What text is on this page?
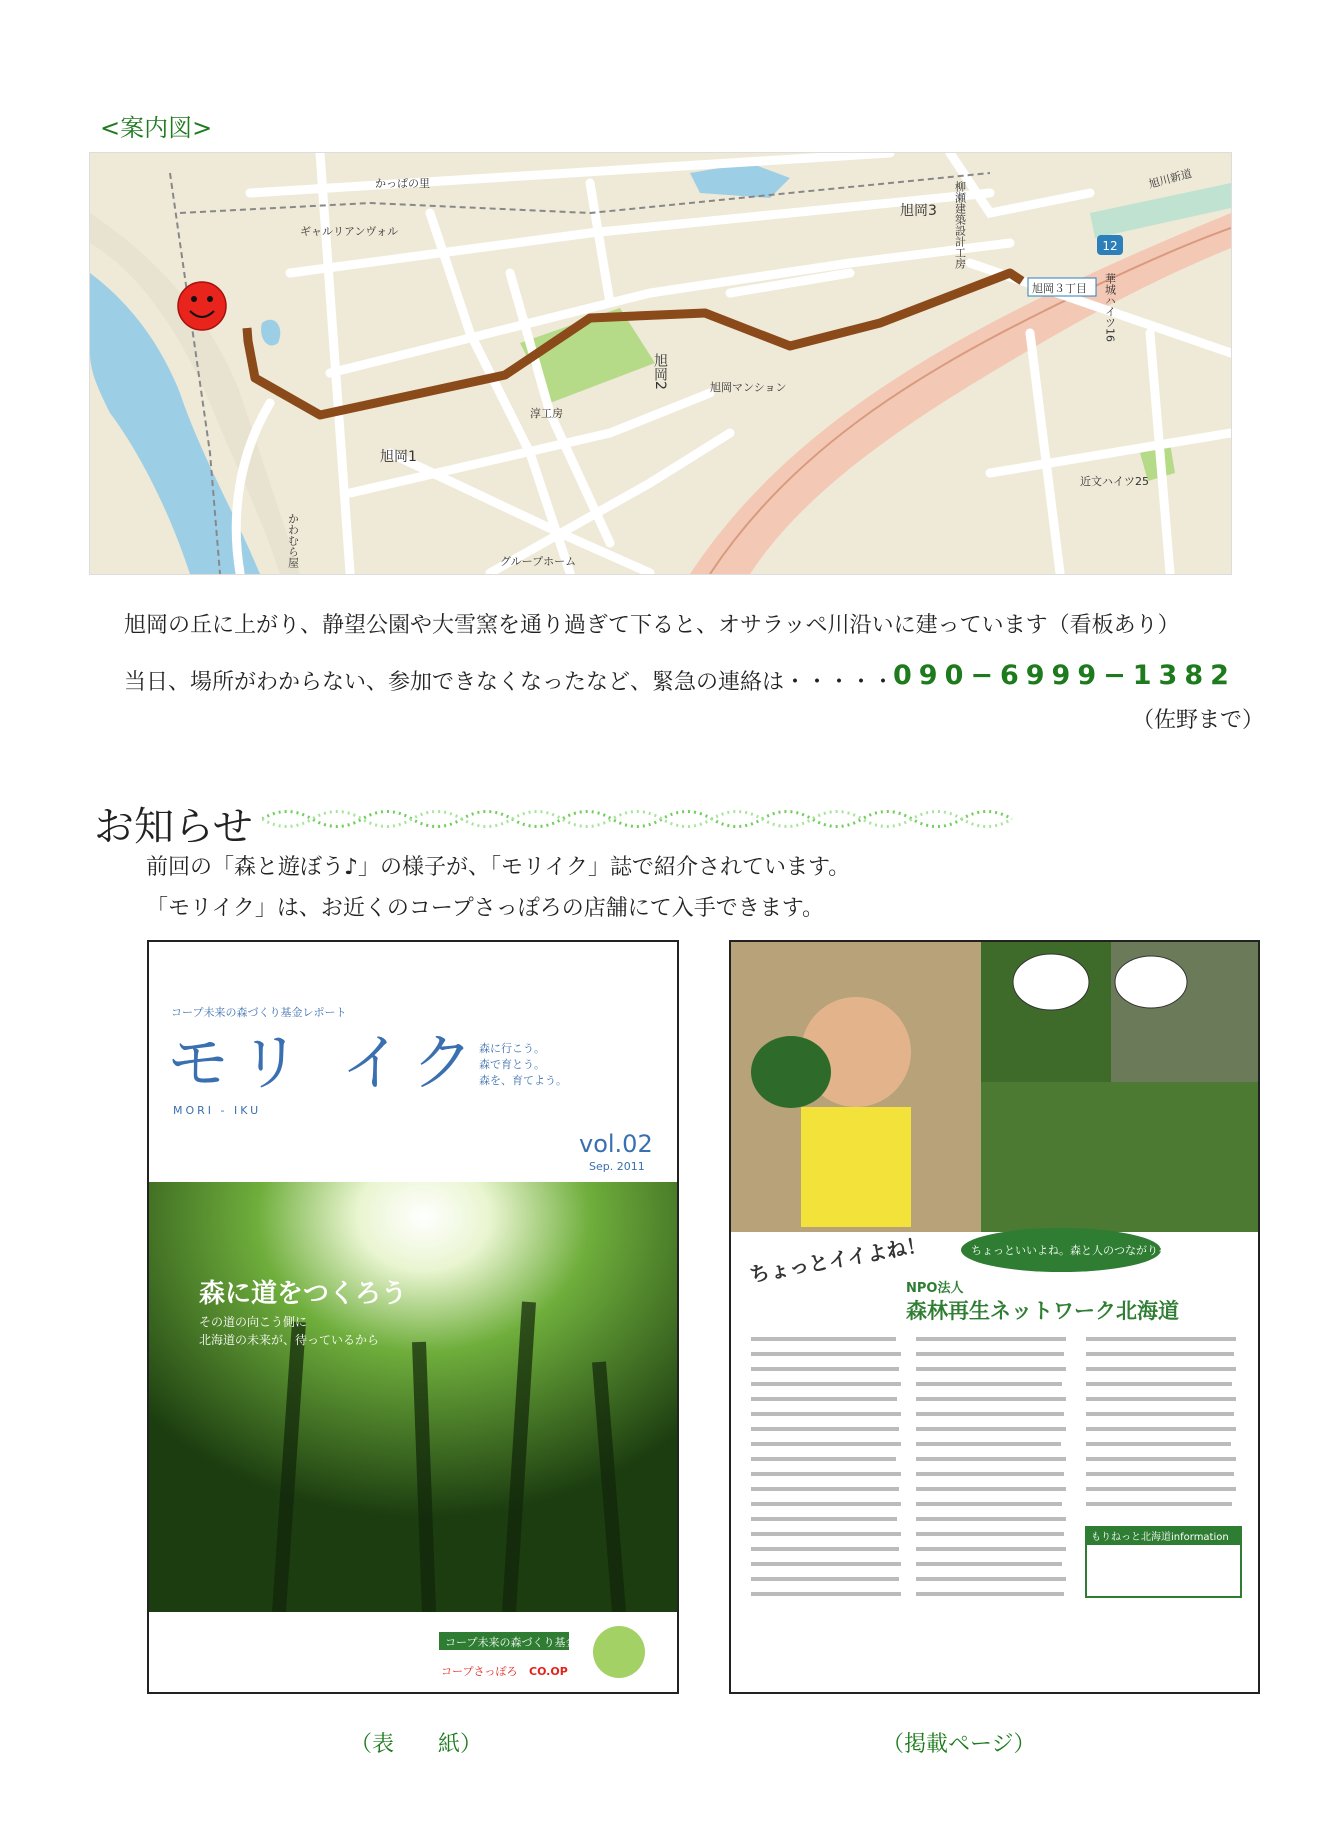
<案内図>
12
かっぱの里
ギャルリアンヴォル
旭岡3 柳瀬建築設計工房
旭川新道
旭岡３丁目 華城ハイツ16
旭岡2	旭岡マンション
淳工房
旭岡1
近文ハイツ25
かわむら屋	グループホーム
旭岡の丘に上がり、静望公園や大雪窯を通り過ぎて下ると、オサラッペ川沿いに建っています（看板あり）
当日、場所がわからない、参加できなくなったなど、緊急の連絡は・・・・・
090−6999−1382
（佐野まで）
お知らせ
前回の「森と遊ぼう♪」の様子が、「モリイク」誌で紹介されています。
「モリイク」は、お近くのコープさっぽろの店舗にて入手できます。
コープ未来の森づくり基金レポート
モリ イク
MORI - IKU
森に行こう。
森で育とう。
森を、育てよう。
vol.02
Sep. 2011
森に道をつくろう
その道の向こう側に
北海道の未来が、待っているから
コープ未来の森づくり基金
コープさっぽろ CO.OP
ちょっとイイよね！	ちょっといいよね。森と人のつながりをつくる
NPO法人
森林再生ネットワーク北海道
もりねっと北海道information
（表　　紙）	（掲載ページ）
